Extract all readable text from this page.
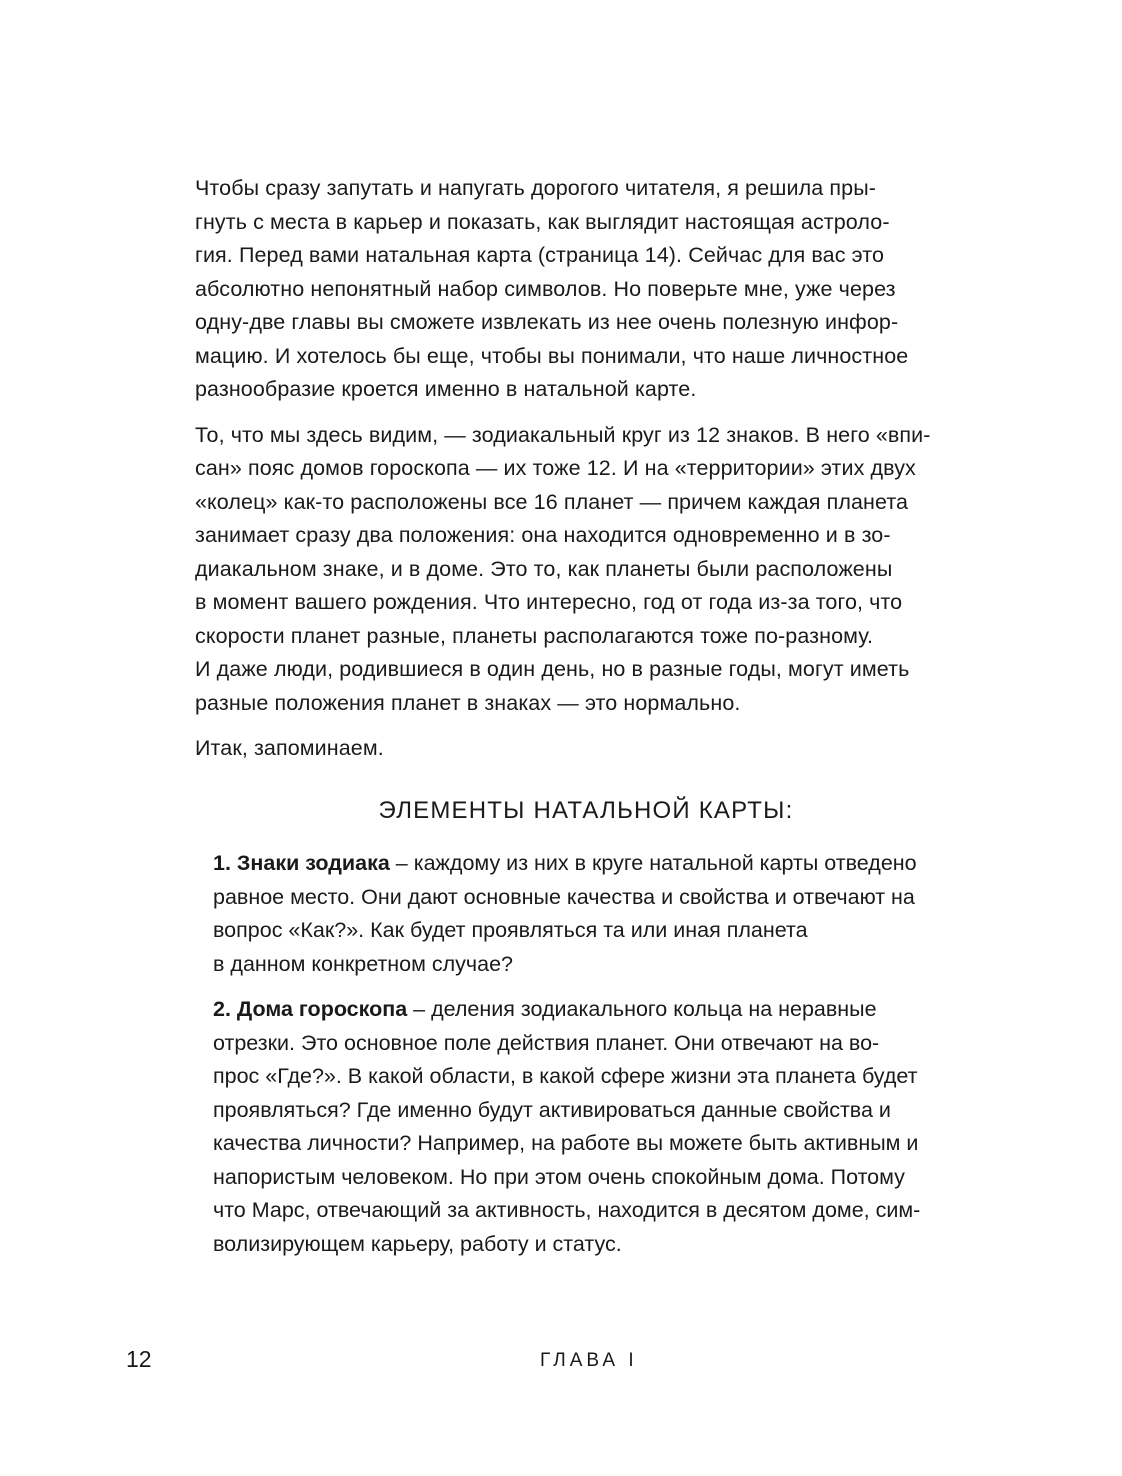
Чтобы сразу запутать и напугать дорогого читателя, я решила пры-
гнуть с места в карьер и показать, как выглядит настоящая астроло-
гия. Перед вами натальная карта (страница 14). Сейчас для вас это
абсолютно непонятный набор символов. Но поверьте мне, уже через
одну-две главы вы сможете извлекать из нее очень полезную инфор-
мацию. И хотелось бы еще, чтобы вы понимали, что наше личностное
разнообразие кроется именно в натальной карте.

То, что мы здесь видим, — зодиакальный круг из 12 знаков. В него «впи-
сан» пояс домов гороскопа — их тоже 12. И на «территории» этих двух
«колец» как-то расположены все 16 планет — причем каждая планета
занимает сразу два положения: она находится одновременно и в зо-
диакальном знаке, и в доме. Это то, как планеты были расположены
в момент вашего рождения. Что интересно, год от года из-за того, что
скорости планет разные, планеты располагаются тоже по-разному.
И даже люди, родившиеся в один день, но в разные годы, могут иметь
разные положения планет в знаках — это нормально.

Итак, запоминаем.

ЭЛЕМЕНТЫ НАТАЛЬНОЙ КАРТЫ:
1. Знаки зодиака – каждому из них в круге натальной карты отведено
равное место. Они дают основные качества и свойства и отвечают на
вопрос «Как?». Как будет проявляться та или иная планета
в данном конкретном случае?
2. Дома гороскопа – деления зодиакального кольца на неравные
отрезки. Это основное поле действия планет. Они отвечают на во-
прос «Где?». В какой области, в какой сфере жизни эта планета будет
проявляться? Где именно будут активироваться данные свойства и
качества личности? Например, на работе вы можете быть активным и
напористым человеком. Но при этом очень спокойным дома. Потому
что Марс, отвечающий за активность, находится в десятом доме, сим-
волизирующем карьеру, работу и статус.
12	ГЛАВА I
